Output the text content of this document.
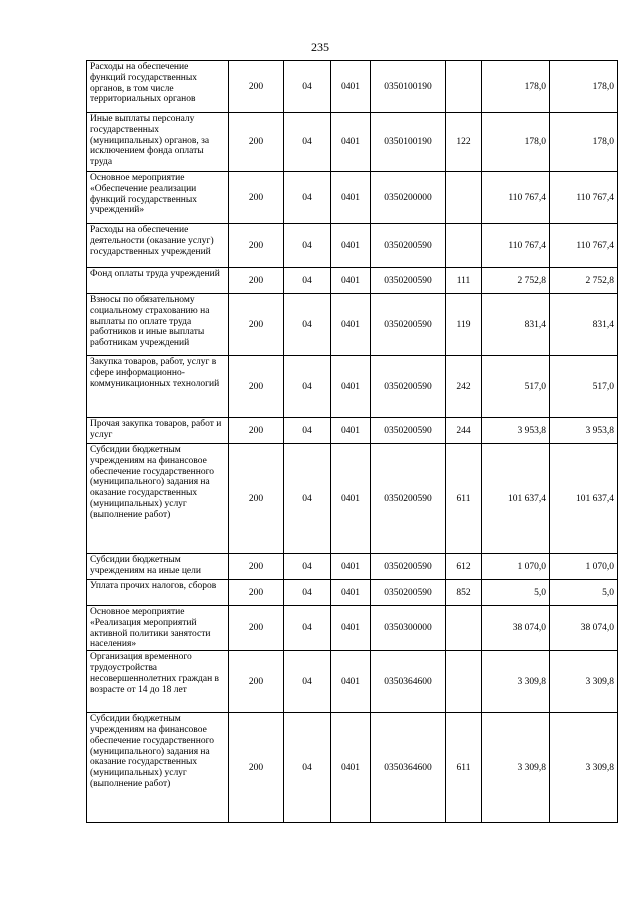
235
Расходы на обеспечение функций государственных органов, в том числе территориальных органов	200	04	0401	0350100190		178,0	178,0
Иные выплаты персоналу государственных (муниципальных) органов, за исключением фонда оплаты труда	200	04	0401	0350100190	122	178,0	178,0
Основное мероприятие «Обеспечение реализации функций государственных учреждений»	200	04	0401	0350200000		110 767,4	110 767,4
Расходы на обеспечение деятельности (оказание услуг) государственных учреждений	200	04	0401	0350200590		110 767,4	110 767,4
Фонд оплаты труда учреждений	200	04	0401	0350200590	111	2 752,8	2 752,8
Взносы по обязательному социальному страхованию на выплаты по оплате труда работников и иные выплаты работникам учреждений	200	04	0401	0350200590	119	831,4	831,4
Закупка товаров, работ, услуг в сфере информационно-коммуникационных технологий	200	04	0401	0350200590	242	517,0	517,0
Прочая закупка товаров, работ и услуг	200	04	0401	0350200590	244	3 953,8	3 953,8
Субсидии бюджетным учреждениям на финансовое обеспечение государственного (муниципального) задания на оказание государственных (муниципальных) услуг (выполнение работ)	200	04	0401	0350200590	611	101 637,4	101 637,4
Субсидии бюджетным учреждениям на иные цели	200	04	0401	0350200590	612	1 070,0	1 070,0
Уплата прочих налогов, сборов	200	04	0401	0350200590	852	5,0	5,0
Основное мероприятие «Реализация мероприятий активной политики занятости населения»	200	04	0401	0350300000		38 074,0	38 074,0
Организация временного трудоустройства несовершеннолетних граждан в возрасте от 14 до 18 лет	200	04	0401	0350364600		3 309,8	3 309,8
Субсидии бюджетным учреждениям на финансовое обеспечение государственного (муниципального) задания на оказание государственных (муниципальных) услуг (выполнение работ)	200	04	0401	0350364600	611	3 309,8	3 309,8
